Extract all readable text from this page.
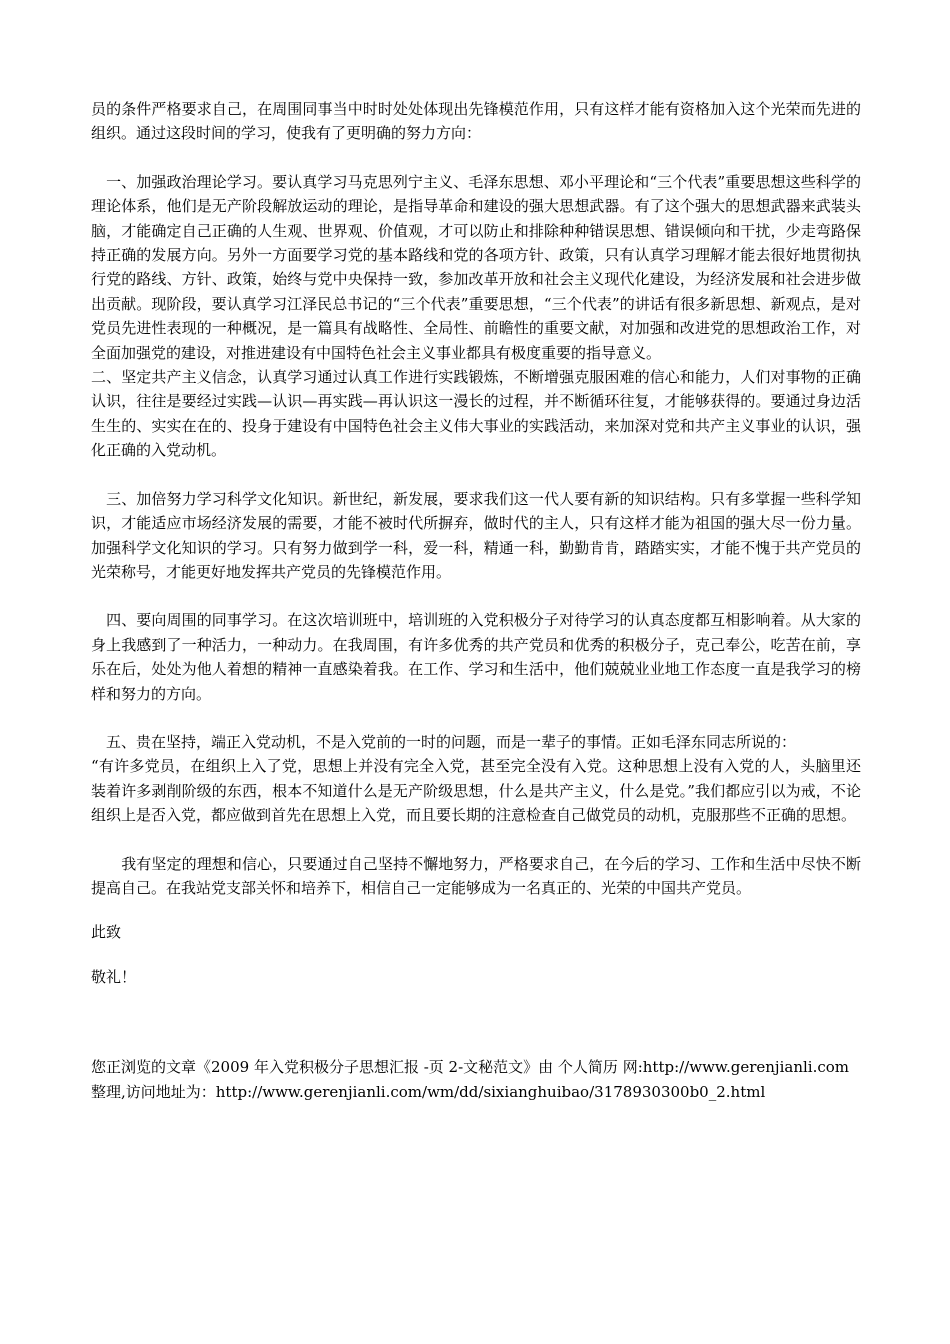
员的条件严格要求自己，在周围同事当中时时处处体现出先锋模范作用，只有这样才能有资格加入这个光荣而先进的组织。通过这段时间的学习，使我有了更明确的努力方向：

　一、加强政治理论学习。要认真学习马克思列宁主义、毛泽东思想、邓小平理论和“三个代表”重要思想这些科学的理论体系，他们是无产阶段解放运动的理论，是指导革命和建设的强大思想武器。有了这个强大的思想武器来武装头脑，才能确定自己正确的人生观、世界观、价值观，才可以防止和排除种种错误思想、错误倾向和干扰，少走弯路保持正确的发展方向。另外一方面要学习党的基本路线和党的各项方针、政策，只有认真学习理解才能去很好地贯彻执行党的路线、方针、政策，始终与党中央保持一致，参加改革开放和社会主义现代化建设，为经济发展和社会进步做出贡献。现阶段，要认真学习江泽民总书记的“三个代表”重要思想，“三个代表”的讲话有很多新思想、新观点，是对党员先进性表现的一种概况，是一篇具有战略性、全局性、前瞻性的重要文献，对加强和改进党的思想政治工作，对全面加强党的建设，对推进建设有中国特色社会主义事业都具有极度重要的指导意义。

二、坚定共产主义信念，认真学习通过认真工作进行实践锻炼，不断增强克服困难的信心和能力，人们对事物的正确认识，往往是要经过实践—认识—再实践—再认识这一漫长的过程，并不断循环往复，才能够获得的。要通过身边活生生的、实实在在的、投身于建设有中国特色社会主义伟大事业的实践活动，来加深对党和共产主义事业的认识，强化正确的入党动机。

　三、加倍努力学习科学文化知识。新世纪，新发展，要求我们这一代人要有新的知识结构。只有多掌握一些科学知识，才能适应市场经济发展的需要，才能不被时代所摒弃，做时代的主人，只有这样才能为祖国的强大尽一份力量。加强科学文化知识的学习。只有努力做到学一科，爱一科，精通一科，勤勤肯肯，踏踏实实，才能不愧于共产党员的光荣称号，才能更好地发挥共产党员的先锋模范作用。

　四、要向周围的同事学习。在这次培训班中，培训班的入党积极分子对待学习的认真态度都互相影响着。从大家的身上我感到了一种活力，一种动力。在我周围，有许多优秀的共产党员和优秀的积极分子，克己奉公，吃苦在前，享乐在后，处处为他人着想的精神一直感染着我。在工作、学习和生活中，他们兢兢业业地工作态度一直是我学习的榜样和努力的方向。

　五、贵在坚持，端正入党动机，不是入党前的一时的问题，而是一辈子的事情。正如毛泽东同志所说的：

“有许多党员，在组织上入了党，思想上并没有完全入党，甚至完全没有入党。这种思想上没有入党的人，头脑里还装着许多剥削阶级的东西，根本不知道什么是无产阶级思想，什么是共产主义，什么是党。”我们都应引以为戒，不论组织上是否入党，都应做到首先在思想上入党，而且要长期的注意检查自己做党员的动机，克服那些不正确的思想。

　　我有坚定的理想和信心，只要通过自己坚持不懈地努力，严格要求自己，在今后的学习、工作和生活中尽快不断提高自己。在我站党支部关怀和培养下，相信自己一定能够成为一名真正的、光荣的中国共产党员。

此致

敬礼！

您正浏览的文章《2009 年入党积极分子思想汇报 -页 2-文秘范文》由 个人简历 网:http://www.gerenjianli.com

整理,访问地址为：http://www.gerenjianli.com/wm/dd/sixianghuibao/3178930300b0_2.html
